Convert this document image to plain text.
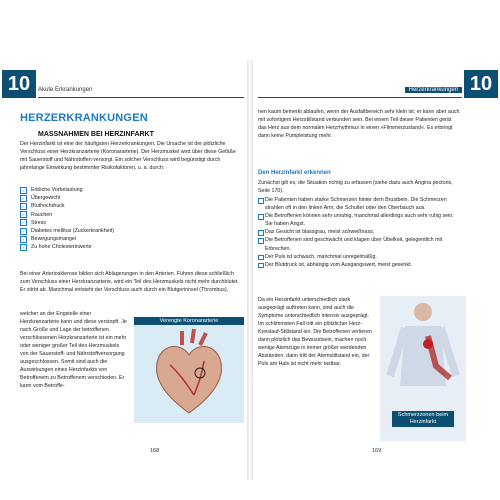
10	Akute Erkrankungen	10
Herzerkrankungen
HERZERKRANKUNGEN
MASSNAHMEN BEI HERZINFARKT
Der Herzinfarkt ist eine der häufigsten Herzerkrankungen. Die Ursache ist der plötzliche Verschluss einer Herzkranzarterie (Koronararterie). Der Herzmuskel wird über diese Gefäße mit Sauerstoff und Nährstoffen versorgt. Ein solcher Verschluss wird begünstigt durch jahrelange Einwirkung bestimmter Risikofaktoren, u. a. durch:
✓	Erbliche Vorbelastung
✓	Übergewicht
✓	Bluthochdruck
✓	Rauchen
✓	Stress
✓	Diabetes mellitus (Zuckerkrankheit)
✓	Bewegungsmangel
✓	Zu hohe Cholesterinwerte
Bei einer Arteriosklerose bilden sich Ablagerungen in den Arterien. Führen diese schließlich zum Verschluss einer Herzkranzarterie, wird ein Teil des Herzmuskels nicht mehr durchblutet. Er stirbt ab. Manchmal entsteht der Verschluss auch durch ein Blutgerinnsel (Thrombus),
welcher an der Engstelle einer Herzkranzarterie kann und diese verstopft. Je nach Größe und Lage der betroffenen verschlossenen Herzkranzarterie ist ein mehr oder weniger großer Teil des Herzmuskels von der Sauerstoff- und Nährstoffversorgung ausgeschlossen. Somit sind auch die Auswirkungen eines Herzinfarkts von Betroffenem zu Betroffenem verschieden. Er kann vom Betroffe-
Verengte Koronararterie
168
nen kaum bemerkt ablaufen, wenn der Ausfallbereich sehr klein ist; er kann aber auch mit sofortigem Herzstillstand verbunden sein. Bei einem Teil dieser Patienten gerät das Herz aus dem normalen Herzrhythmus in einen »Flimmerzustand«. Es erbringt dann keine Pumpleistung mehr.
Den Herzinfarkt erkennen
Zunächst gilt es, die Situation richtig zu erfassen (siehe dazu auch Angina pectoris, Seite 170).
Die Patienten haben starke Schmerzen hinter dem Brustbein. Die Schmerzen strahlen oft in den linken Arm, die Schulter oder den Oberbauch aus.
Die Betroffenen können sehr unruhig, manchmal allerdings auch sehr ruhig sein. Sie haben Angst.
Das Gesicht ist blassgrau, meist schweißnass.
Die Betroffenen sind geschwächt und klagen über Übelkeit, gelegentlich mit Erbrechen.
Der Puls ist schwach, manchmal unregelmäßig.
Der Blutdruck ist, abhängig vom Ausgangswert, meist gesenkt.
Da ein Herzinfarkt unterschiedlich stark ausgeprägt auftreten kann, sind auch die Symptome unterschiedlich intensiv ausgeprägt. Im schlimmsten Fall tritt ein plötzlicher Herz-Kreislauf-Stillstand ein. Die Betroffenen verlieren dann plötzlich das Bewusstsein, machen noch wenige Atemzüge in immer größer werdenden Abständen, dann tritt der Atemstillstand ein, der Puls am Hals ist nicht mehr tastbar.
Schmerzzonen beim Herzinfarkt
169
